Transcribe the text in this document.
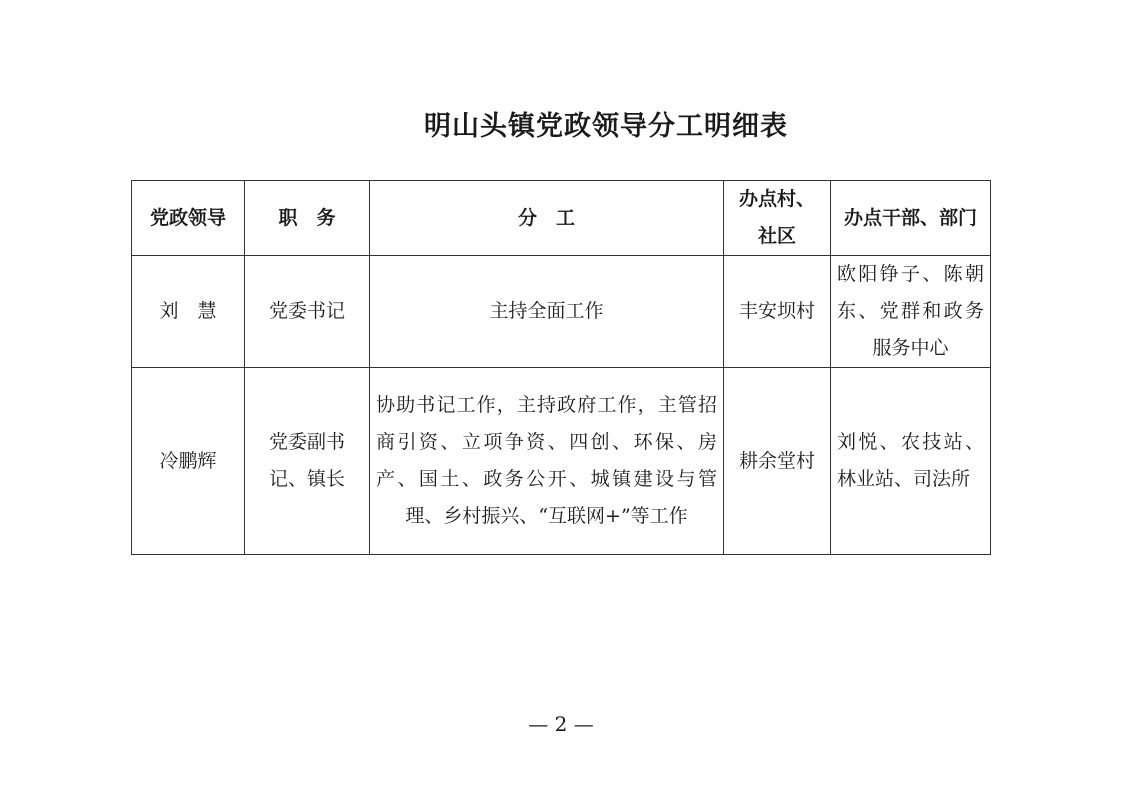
明山头镇党政领导分工明细表
党政领导	职　务	分　工	办点村、社区	办点干部、部门
刘　慧	党委书记	主持全面工作	丰安坝村	欧阳铮子、陈朝东、党群和政务服务中心
冷鹏辉	党委副书记、镇长	协助书记工作，主持政府工作，主管招商引资、立项争资、四创、环保、房产、国土、政务公开、城镇建设与管理、乡村振兴、“互联网+”等工作	耕余堂村	刘悦、农技站、林业站、司法所
— 2 —
